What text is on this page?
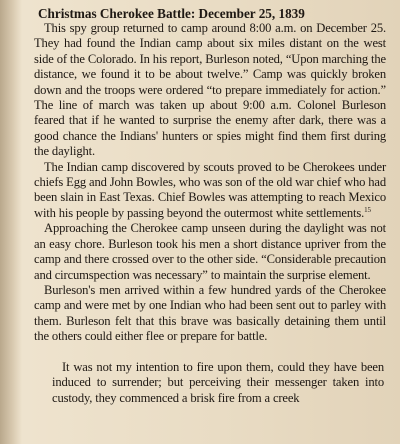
Christmas Cherokee Battle: December 25, 1839

This spy group returned to camp around 8:00 a.m. on December 25. They had found the Indian camp about six miles distant on the west side of the Colorado. In his report, Burleson noted, “Upon marching the distance, we found it to be about twelve.” Camp was quickly broken down and the troops were ordered “to prepare immediately for action.” The line of march was taken up about 9:00 a.m. Colonel Burleson feared that if he wanted to surprise the enemy after dark, there was a good chance the Indians' hunters or spies might find them first during the daylight.

The Indian camp discovered by scouts proved to be Cherokees under chiefs Egg and John Bowles, who was son of the old war chief who had been slain in East Texas. Chief Bowles was attempting to reach Mexico with his people by passing beyond the outermost white settlements.$^{15}$

Approaching the Cherokee camp unseen during the daylight was not an easy chore. Burleson took his men a short distance upriver from the camp and there crossed over to the other side. “Considerable precaution and circumspection was necessary” to maintain the surprise element.

Burleson's men arrived within a few hundred yards of the Cherokee camp and were met by one Indian who had been sent out to parley with them. Burleson felt that this brave was basically detaining them until the others could either flee or prepare for battle.

It was not my intention to fire upon them, could they have been induced to surrender; but perceiving their messenger taken into custody, they commenced a brisk fire from a creek
